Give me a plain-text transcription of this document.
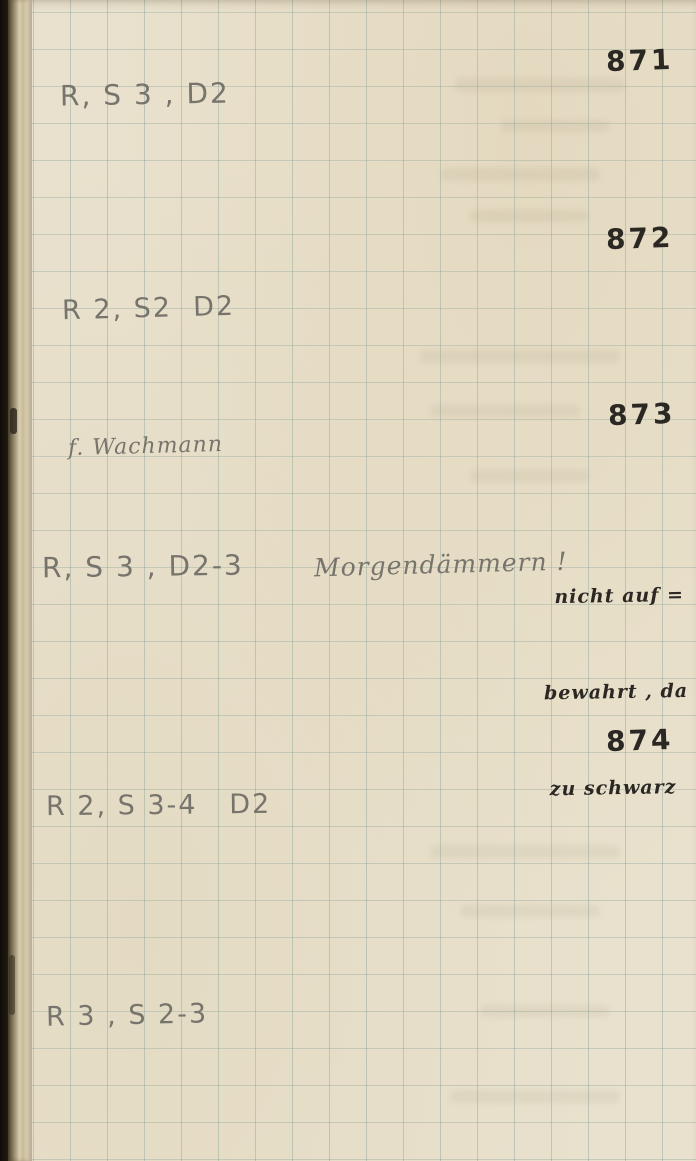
871
R, S 3 , D2
872
R 2, S2  D2
873
f. Wachmann
R, S 3 , D2-3	Morgendämmern !

nicht auf =

bewahrt , da

zu schwarz

874
R 2, S 3-4   D2
R 3 , S 2-3
